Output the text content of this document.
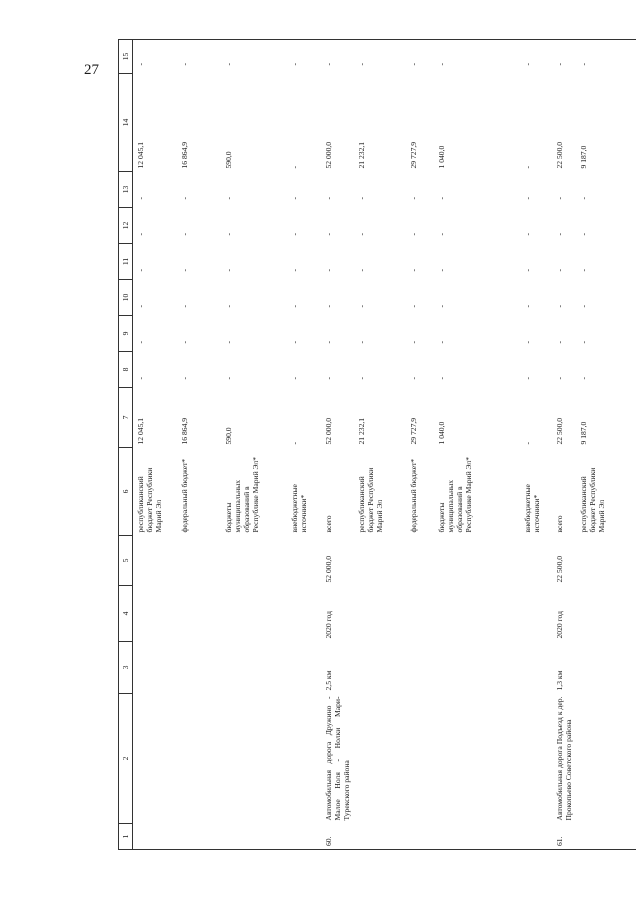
27
1	2	3	4	5	6	7	8	9	10	11	12	13	14	15
					республиканский бюджет Республики Марий Эл	12 045,1	-	-	-	-	-	-	12 045,1	-
					федеральный бюджет*	16 864,9	-	-	-	-	-	-	16 864,9	-
					бюджеты муниципальных образований в Республике Марий Эл*	590,0	-	-	-	-	-	-	590,0	-
					внебюджетные источники*	-	-	-	-	-	-	-	-	-
60.	Автомобильная дорога Дружино - Малое Ноля - Нолки Мари-Турекского района	2,5 км	2020 год	52 000,0	всего	52 000,0	-	-	-	-	-	-	52 000,0	-
					республиканский бюджет Республики Марий Эл	21 232,1	-	-	-	-	-	-	21 232,1	-
					федеральный бюджет*	29 727,9	-	-	-	-	-	-	29 727,9	-
					бюджеты муниципальных образований в Республике Марий Эл*	1 040,0	-	-	-	-	-	-	1 040,0	-
					внебюджетные источники*	-	-	-	-	-	-	-	-	-
61.	Автомобильная дорога Подъезд к дер. Прокопьево Советского района	1,3 км	2020 год	22 500,0	всего	22 500,0	-	-	-	-	-	-	22 500,0	-
					республиканский бюджет Республики Марий Эл	9 187,0	-	-	-	-	-	-	9 187,0	-
